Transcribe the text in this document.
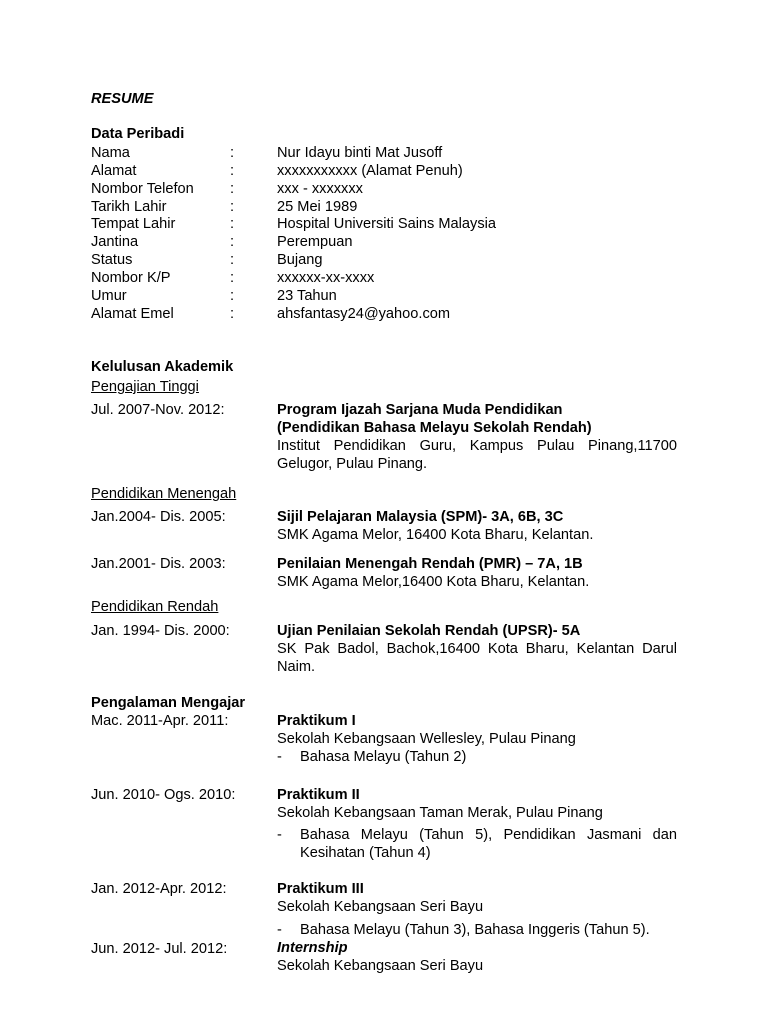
RESUME
Data Peribadi
Nama	:	Nur Idayu binti Mat Jusoff
Alamat	:	xxxxxxxxxxx (Alamat Penuh)
Nombor Telefon :	xxx - xxxxxxx
Tarikh Lahir	:	25 Mei 1989
Tempat Lahir	:	Hospital Universiti Sains Malaysia
Jantina	:	Perempuan
Status	:	Bujang
Nombor K/P	:	xxxxxx-xx-xxxx
Umur	:	23 Tahun
Alamat Emel	:	ahsfantasy24@yahoo.com
Kelulusan Akademik
Pengajian Tinggi
Jul. 2007-Nov. 2012:	Program Ijazah Sarjana Muda Pendidikan
(Pendidikan Bahasa Melayu Sekolah Rendah)
Institut Pendidikan Guru, Kampus Pulau Pinang,11700 Gelugor, Pulau Pinang.
Pendidikan Menengah
Jan.2004- Dis. 2005:	Sijil Pelajaran Malaysia (SPM)- 3A, 6B, 3C
SMK Agama Melor, 16400 Kota Bharu, Kelantan.
Jan.2001- Dis. 2003:	Penilaian Menengah Rendah (PMR) – 7A, 1B
SMK Agama Melor,16400 Kota Bharu, Kelantan.
Pendidikan Rendah
Jan. 1994- Dis. 2000:	Ujian Penilaian Sekolah Rendah (UPSR)- 5A
SK Pak Badol, Bachok,16400 Kota Bharu, Kelantan Darul Naim.
Pengalaman Mengajar
Mac. 2011-Apr. 2011:	Praktikum I
Sekolah Kebangsaan Wellesley, Pulau Pinang
- Bahasa Melayu (Tahun 2)
Jun. 2010- Ogs. 2010:	Praktikum II
Sekolah Kebangsaan Taman Merak, Pulau Pinang
- Bahasa Melayu (Tahun 5), Pendidikan Jasmani dan Kesihatan (Tahun 4)
Jan. 2012-Apr. 2012:	Praktikum III
Sekolah Kebangsaan Seri Bayu
- Bahasa Melayu (Tahun 3), Bahasa Inggeris (Tahun 5).
Jun. 2012- Jul. 2012:	Internship
Sekolah Kebangsaan Seri Bayu
